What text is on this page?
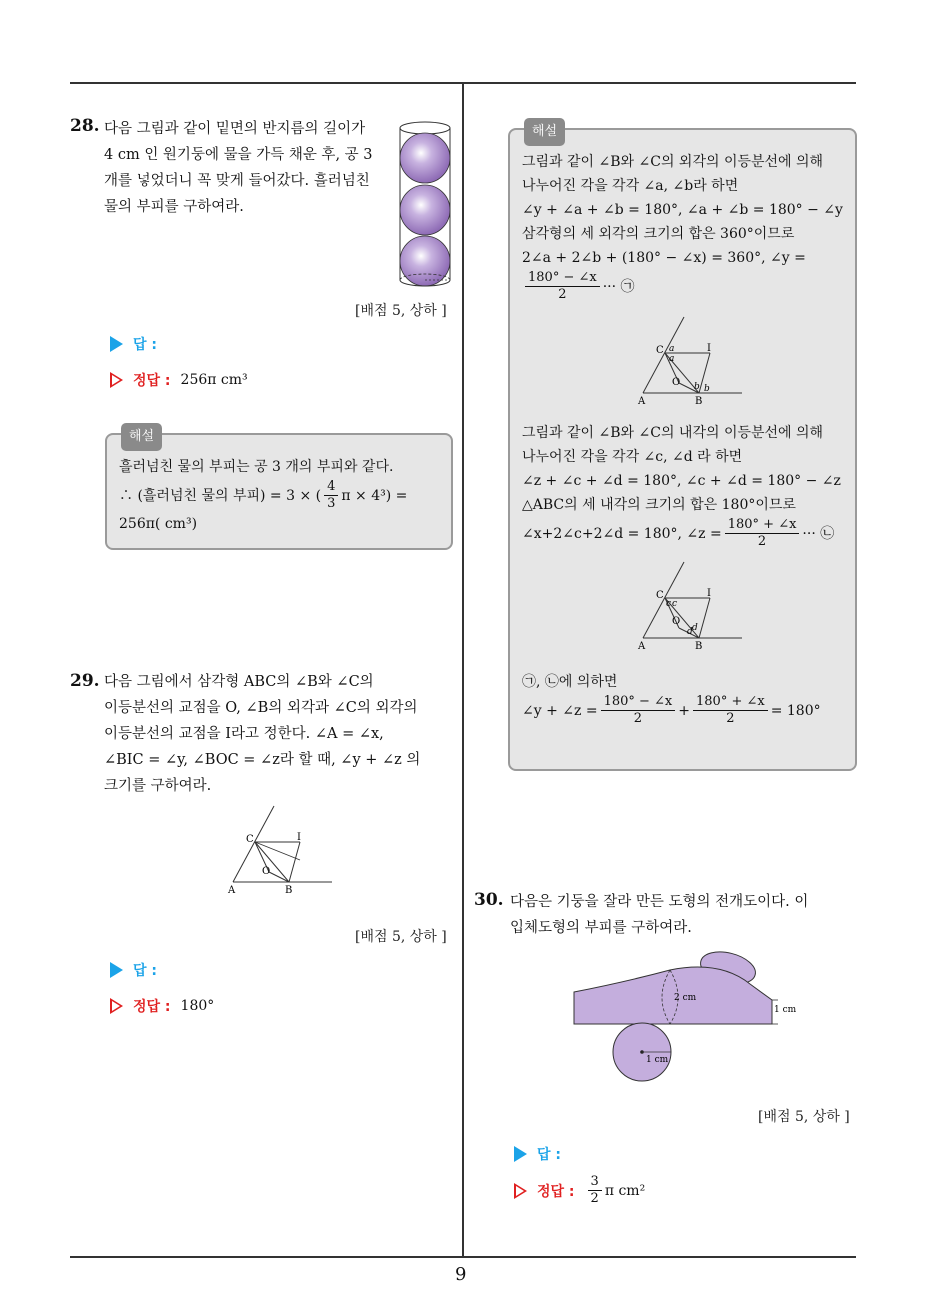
9
28. 다음 그림과 같이 밑면의 반지름의 길이가
4 cm 인 원기둥에 물을 가득 채운 후, 공 3
개를 넣었더니 꼭 맞게 들어갔다. 흘러넘친
물의 부피를 구하여라.
[배점 5, 상하 ]
답 :
정답 : 256π cm³
해설
흘러넘친 물의 부피는 공 3 개의 부피와 같다.
∴ (흘러넘친 물의 부피) = 3 × ( $\frac{4}{3}$ π × 4³) =
256π( cm³)
29. 다음 그림에서 삼각형 ABC의 ∠B와 ∠C의
이등분선의 교점을 O, ∠B의 외각과 ∠C의 외각의
이등분선의 교점을 I라고 정한다. ∠A = ∠x,
∠BIC = ∠y, ∠BOC = ∠z라 할 때, ∠y + ∠z 의
크기를 구하여라.
C	I
O
A	B
[배점 5, 상하 ]
답 :
정답 : 180°
해설
그림과 같이 ∠B와 ∠C의 외각의 이등분선에 의해
나누어진 각을 각각 ∠a, ∠b라 하면
∠y + ∠a + ∠b = 180°, ∠a + ∠b = 180° − ∠y
삼각형의 세 외각의 크기의 합은 360°이므로
2∠a + 2∠b + (180° − ∠x) = 360°, ∠y =
$\frac{180^\circ - \angle x}{2}$ ··· ㉠
C	I
O
A	B
a
a
b b
그림과 같이 ∠B와 ∠C의 내각의 이등분선에 의해
나누어진 각을 각각 ∠c, ∠d 라 하면
∠z + ∠c + ∠d = 180°, ∠c + ∠d = 180° − ∠z
△ABC의 세 내각의 크기의 합은 180°이므로
∠x+2∠c+2∠d = 180°, ∠z = $\frac{180^\circ + \angle x}{2}$ ··· ㉡
C	I
O
A	B
c c
d d
㉠, ㉡에 의하면
∠y + ∠z = $\frac{180^\circ - \angle x}{2} + \frac{180^\circ + \angle x}{2} = 180^\circ$
30. 다음은 기둥을 잘라 만든 도형의 전개도이다. 이
입체도형의 부피를 구하여라.
2 cm
1 cm
1 cm
[배점 5, 상하 ]
답 :
정답 : $\frac{3}{2}$ π cm²
